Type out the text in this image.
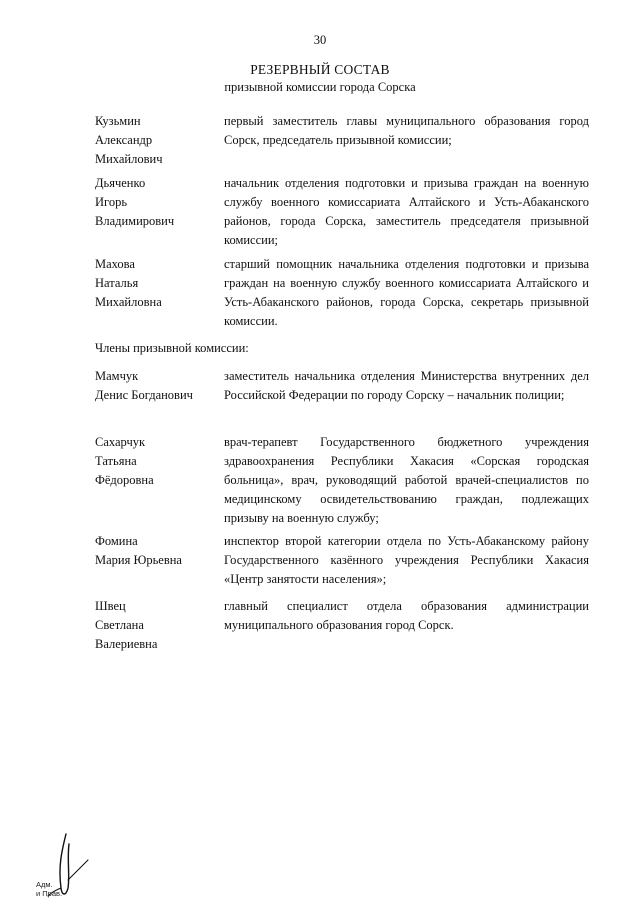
30
РЕЗЕРВНЫЙ СОСТАВ
призывной комиссии города Сорска
Кузьмин
Александр
Михайлович
первый заместитель главы муниципального образования город Сорск, председатель призывной комиссии;
Дьяченко
Игорь
Владимирович
начальник отделения подготовки и призыва граждан на военную службу военного комиссариата Алтайского и Усть-Абаканского районов, города Сорска, заместитель председателя призывной комиссии;
Махова
Наталья
Михайловна
старший помощник начальника отделения подготовки и призыва граждан на военную службу военного комиссариата Алтайского и Усть-Абаканского районов, города Сорска, секретарь призывной комиссии.
Члены призывной комиссии:
Мамчук
Денис Богданович
заместитель начальника отделения Министерства внутренних дел Российской Федерации по городу Сорску – начальник полиции;
Сахарчук
Татьяна
Фёдоровна
врач-терапевт Государственного бюджетного учреждения здравоохранения Республики Хакасия «Сорская городская больница», врач, руководящий работой врачей-специалистов по медицинскому освидетельствованию граждан, подлежащих призыву на военную службу;
Фомина
Мария Юрьевна
инспектор второй категории отдела по Усть-Абаканскому району Государственного казённого учреждения Республики Хакасия «Центр занятости населения»;
Швец
Светлана
Валериевна
главный специалист отдела образования администрации муниципального образования город Сорск.
Адм.
и Прав.
